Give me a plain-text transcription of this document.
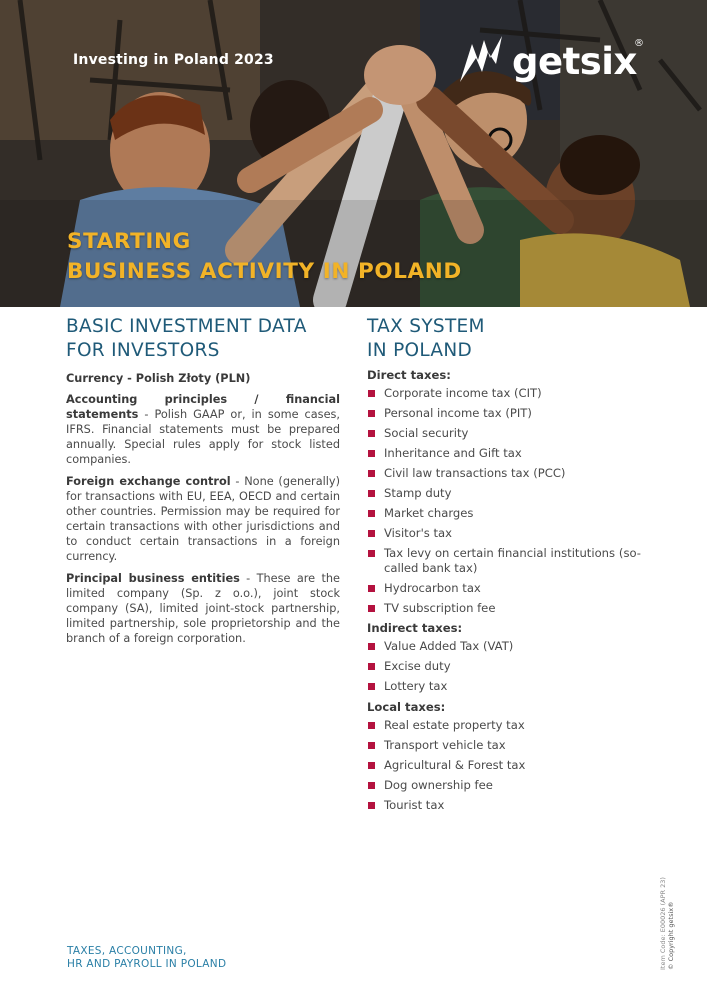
Investing in Poland 2023	getsix
®
STARTING
BUSINESS ACTIVITY IN POLAND
BASIC INVESTMENT DATA
FOR INVESTORS
Currency - Polish Złoty (PLN)

Accounting principles / financial statements - Polish GAAP or, in some cases, IFRS. Financial statements must be prepared annually. Special rules apply for stock listed companies.

Foreign exchange control - None (generally) for transactions with EU, EEA, OECD and certain other countries. Permission may be required for certain transactions with other jurisdictions and to conduct certain transactions in a foreign currency.

Principal business entities - These are the limited company (Sp. z o.o.), joint stock company (SA), limited joint-stock partnership, limited partnership, sole proprietorship and the branch of a foreign corporation.

TAX SYSTEM
IN POLAND
Direct taxes:
Corporate income tax (CIT)
Personal income tax (PIT)
Social security
Inheritance and Gift tax
Civil law transactions tax (PCC)
Stamp duty
Market charges
Visitor's tax
Tax levy on certain financial institutions (so-called bank tax)
Hydrocarbon tax
TV subscription fee
Indirect taxes:
Value Added Tax (VAT)
Excise duty
Lottery tax
Local taxes:
Real estate property tax
Transport vehicle tax
Agricultural & Forest tax
Dog ownership fee
Tourist tax
TAXES, ACCOUNTING,
HR AND PAYROLL IN POLAND	Item Code: E00026 (APR 23) © Copyright getsix®
